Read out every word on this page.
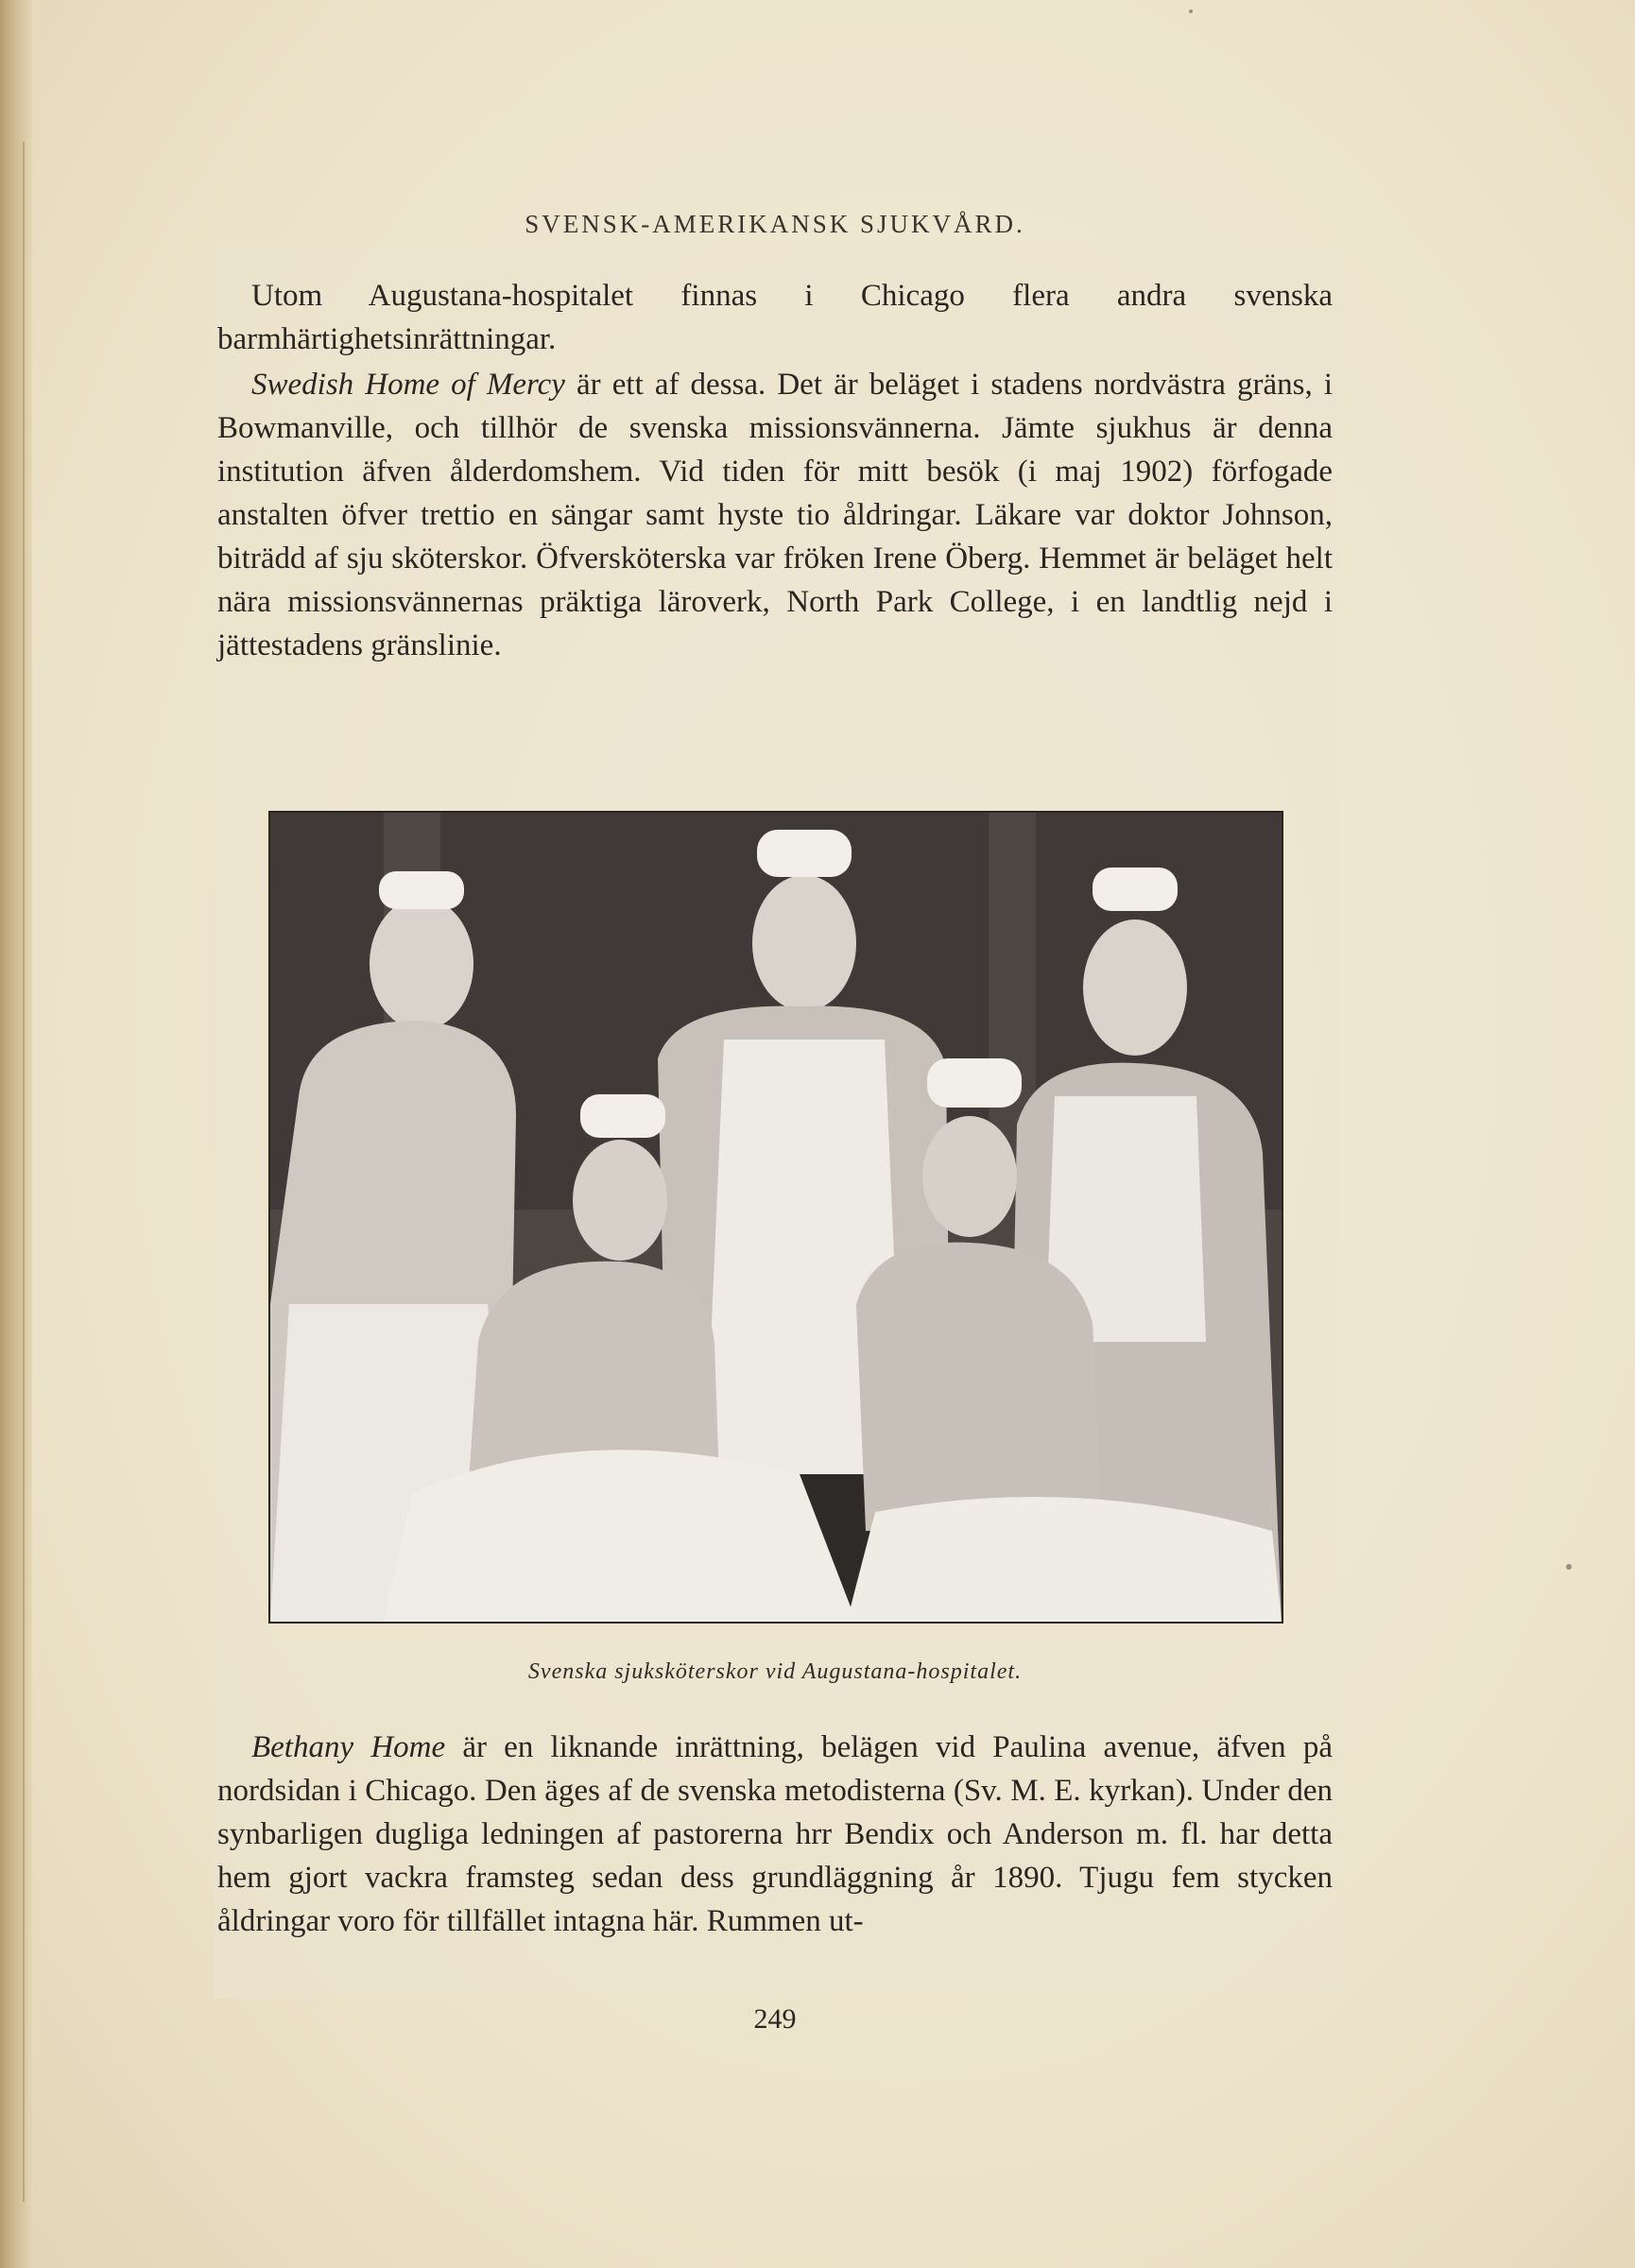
SVENSK-AMERIKANSK SJUKVÅRD.

Utom Augustana-hospitalet finnas i Chicago flera andra svenska barmhärtighetsinrättningar.

Swedish Home of Mercy är ett af dessa. Det är beläget i stadens nordvästra gräns, i Bowmanville, och tillhör de svenska missionsvännerna. Jämte sjukhus är denna institution äfven ålderdomshem. Vid tiden för mitt besök (i maj 1902) förfogade anstalten öfver trettio en sängar samt hyste tio åldringar. Läkare var doktor Johnson, biträdd af sju sköterskor. Öfversköterska var fröken Irene Öberg. Hemmet är beläget helt nära missionsvännernas präktiga läroverk, North Park College, i en landtlig nejd i jättestadens gränslinie.

Svenska sjuksköterskor vid Augustana-hospitalet.

Bethany Home är en liknande inrättning, belägen vid Paulina avenue, äfven på nordsidan i Chicago. Den äges af de svenska metodisterna (Sv. M. E. kyrkan). Under den synbarligen dugliga ledningen af pastorerna hrr Bendix och Anderson m. fl. har detta hem gjort vackra framsteg sedan dess grundläggning år 1890. Tjugu fem stycken åldringar voro för tillfället intagna här. Rummen ut-

249
